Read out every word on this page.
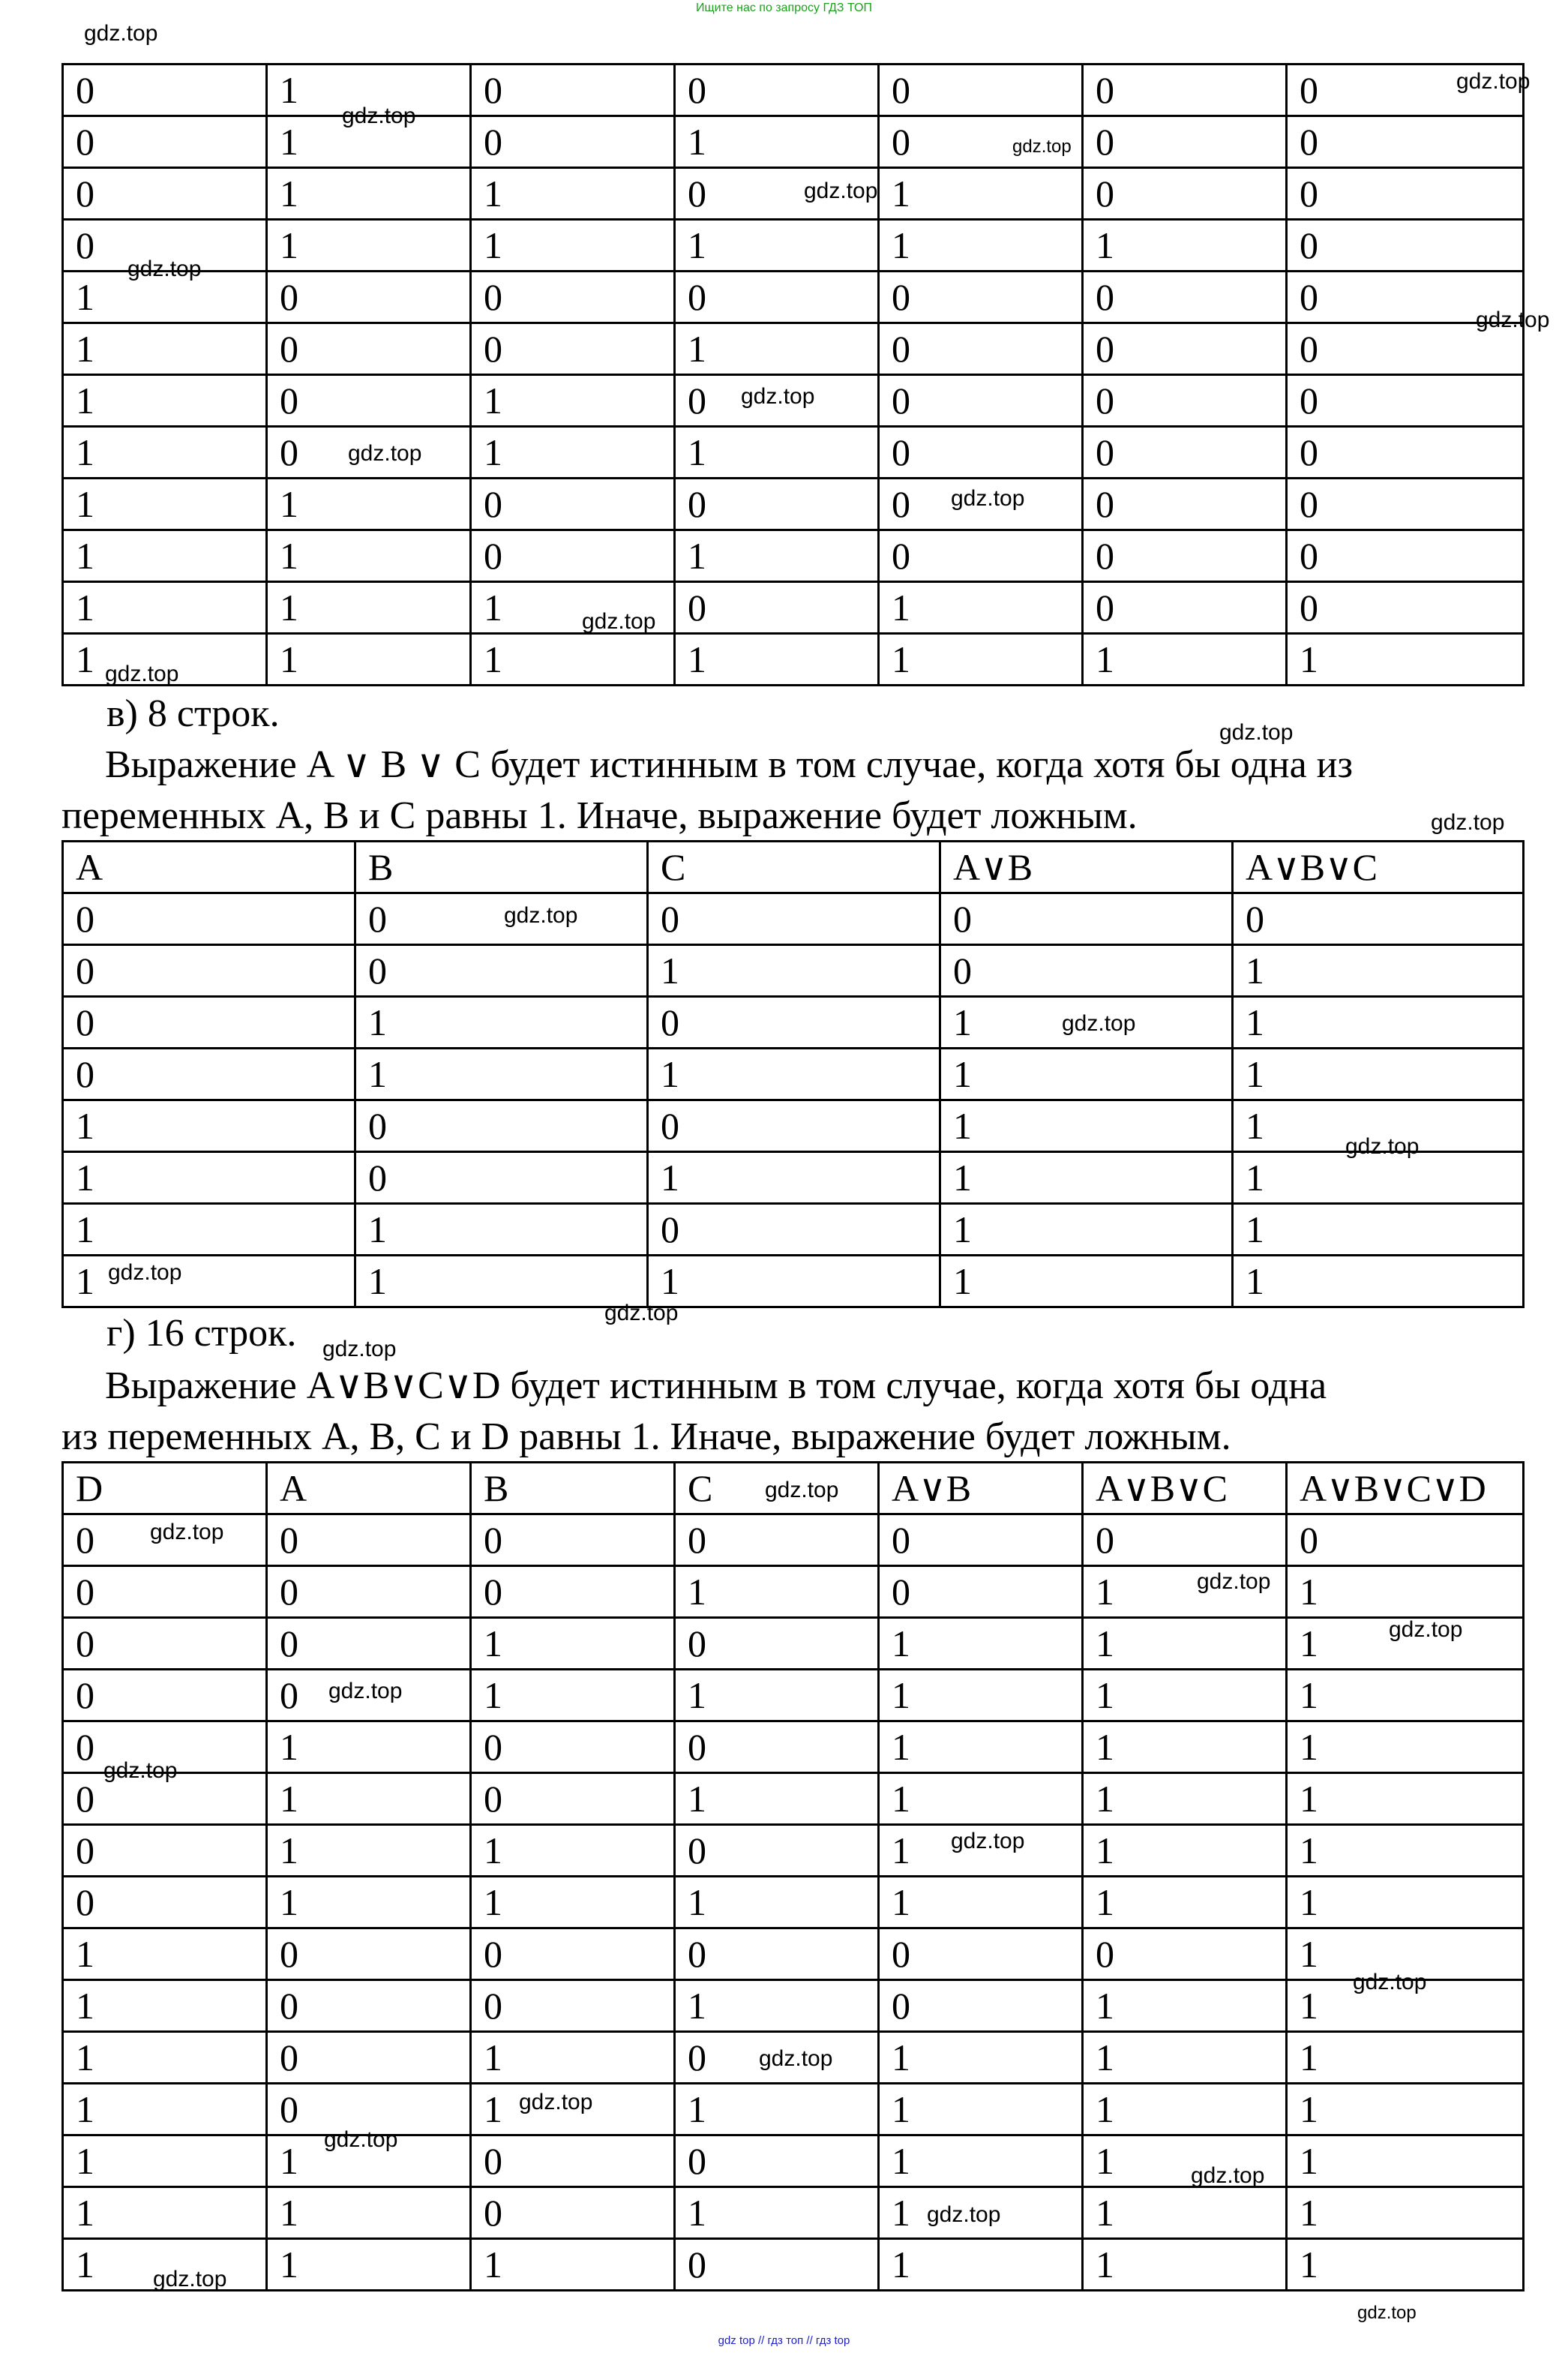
Ищите нас по запросу ГДЗ ТОП
gdz.top
0	1	0	0	0	0	0
0	1	0	1	0	0	0
0	1	1	0	1	0	0
0	1	1	1	1	1	0
1	0	0	0	0	0	0
1	0	0	1	0	0	0
1	0	1	0	0	0	0
1	0	1	1	0	0	0
1	1	0	0	0	0	0
1	1	0	1	0	0	0
1	1	1	0	1	0	0
1	1	1	1	1	1	1
в) 8 строк.
Выражение A ∨ B ∨ C будет истинным в том случае, когда хотя бы одна из
переменных A, B и C равны 1. Иначе, выражение будет ложным.
A	B	C	A∨B	A∨B∨C
0	0	0	0	0
0	0	1	0	1
0	1	0	1	1
0	1	1	1	1
1	0	0	1	1
1	0	1	1	1
1	1	0	1	1
1	1	1	1	1
г) 16 строк.
Выражение A∨B∨C∨D будет истинным в том случае, когда хотя бы одна
из переменных A, B, C и D равны 1. Иначе, выражение будет ложным.
D	A	B	C	A∨B	A∨B∨C	A∨B∨C∨D
0	0	0	0	0	0	0
0	0	0	1	0	1	1
0	0	1	0	1	1	1
0	0	1	1	1	1	1
0	1	0	0	1	1	1
0	1	0	1	1	1	1
0	1	1	0	1	1	1
0	1	1	1	1	1	1
1	0	0	0	0	0	1
1	0	0	1	0	1	1
1	0	1	0	1	1	1
1	0	1	1	1	1	1
1	1	0	0	1	1	1
1	1	0	1	1	1	1
1	1	1	0	1	1	1
gdz.top
gdz.top
gdz.top
gdz.top
gdz.top
gdz.top
gdz.top
gdz.top
gdz.top
gdz.top
gdz.top
gdz.top
gdz.top
gdz.top
gdz.top
gdz.top
gdz.top
gdz.top
gdz.top
gdz.top
gdz.top
gdz.top
gdz.top
gdz.top
gdz.top
gdz.top
gdz.top
gdz.top
gdz.top
gdz.top
gdz.top
gdz.top
gdz.top
gdz.top
gdz top // гдз топ // гдз top
